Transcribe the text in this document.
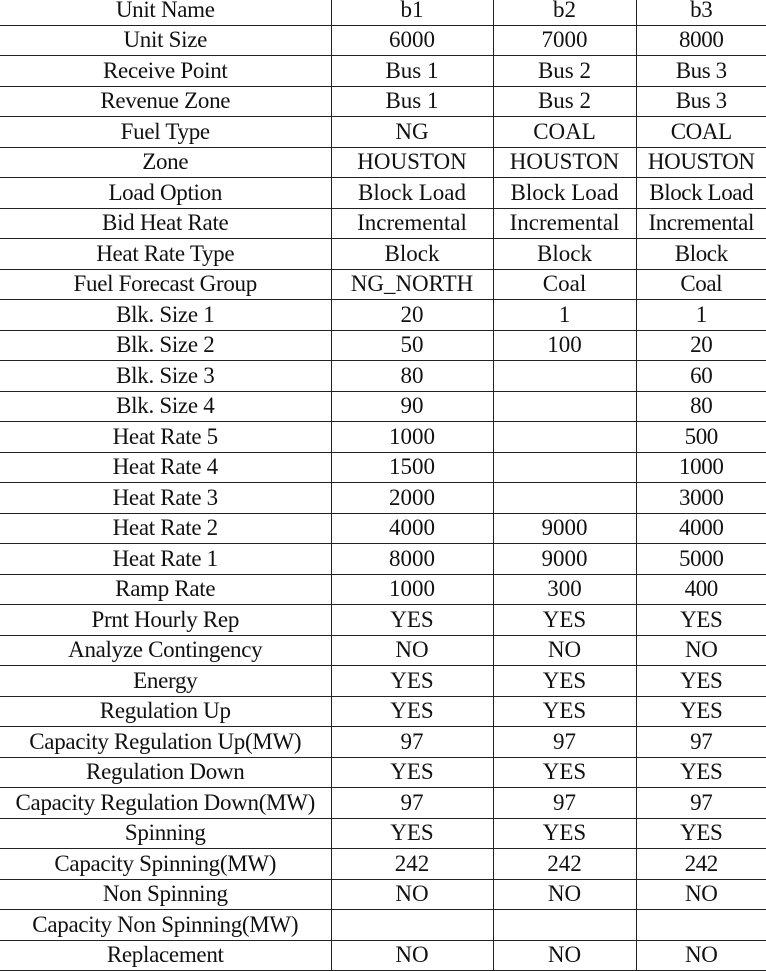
Unit Name	b1	b2	b3
Unit Size	6000	7000	8000
Receive Point	Bus 1	Bus 2	Bus 3
Revenue Zone	Bus 1	Bus 2	Bus 3
Fuel Type	NG	COAL	COAL
Zone	HOUSTON	HOUSTON	HOUSTON
Load Option	Block Load	Block Load	Block Load
Bid Heat Rate	Incremental	Incremental	Incremental
Heat Rate Type	Block	Block	Block
Fuel Forecast Group	NG_NORTH	Coal	Coal
Blk. Size 1	20	1	1
Blk. Size 2	50	100	20
Blk. Size 3	80		60
Blk. Size 4	90		80
Heat Rate 5	1000		500
Heat Rate 4	1500		1000
Heat Rate 3	2000		3000
Heat Rate 2	4000	9000	4000
Heat Rate 1	8000	9000	5000
Ramp Rate	1000	300	400
Prnt Hourly Rep	YES	YES	YES
Analyze Contingency	NO	NO	NO
Energy	YES	YES	YES
Regulation Up	YES	YES	YES
Capacity Regulation Up(MW)	97	97	97
Regulation Down	YES	YES	YES
Capacity Regulation Down(MW)	97	97	97
Spinning	YES	YES	YES
Capacity Spinning(MW)	242	242	242
Non Spinning	NO	NO	NO
Capacity Non Spinning(MW)			
Replacement	NO	NO	NO
